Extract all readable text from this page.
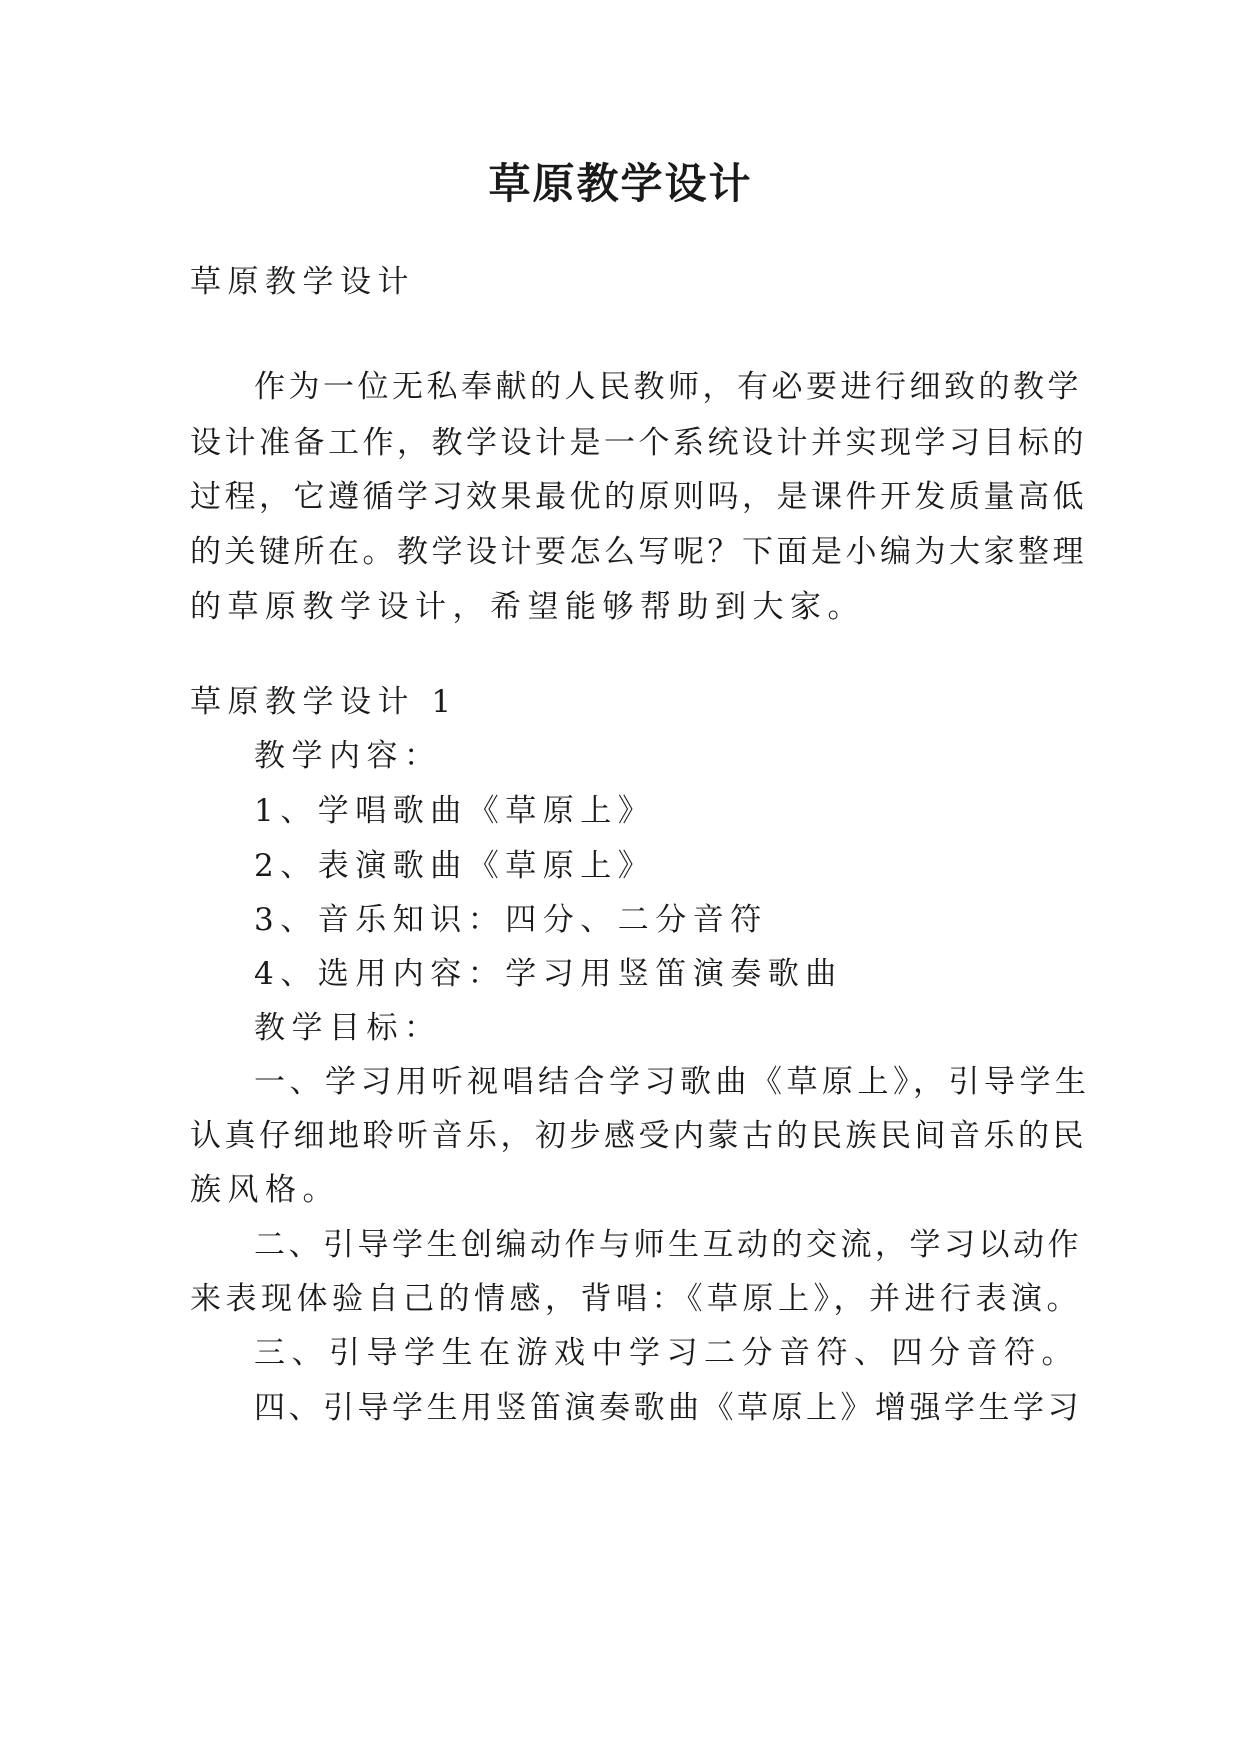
草原教学设计
草原教学设计
作为一位无私奉献的人民教师，有必要进行细致的教学
设计准备工作，教学设计是一个系统设计并实现学习目标的
过程，它遵循学习效果最优的原则吗，是课件开发质量高低
的关键所在。教学设计要怎么写呢？下面是小编为大家整理
的草原教学设计，希望能够帮助到大家。
草原教学设计 1
教学内容：
1、学唱歌曲《草原上》
2、表演歌曲《草原上》
3、音乐知识：四分、二分音符
4、选用内容：学习用竖笛演奏歌曲
教学目标：
一、学习用听视唱结合学习歌曲《草原上》，引导学生
认真仔细地聆听音乐，初步感受内蒙古的民族民间音乐的民
族风格。
二、引导学生创编动作与师生互动的交流，学习以动作
来表现体验自己的情感，背唱：《草原上》，并进行表演。
三、引导学生在游戏中学习二分音符、四分音符。
四、引导学生用竖笛演奏歌曲《草原上》增强学生学习
